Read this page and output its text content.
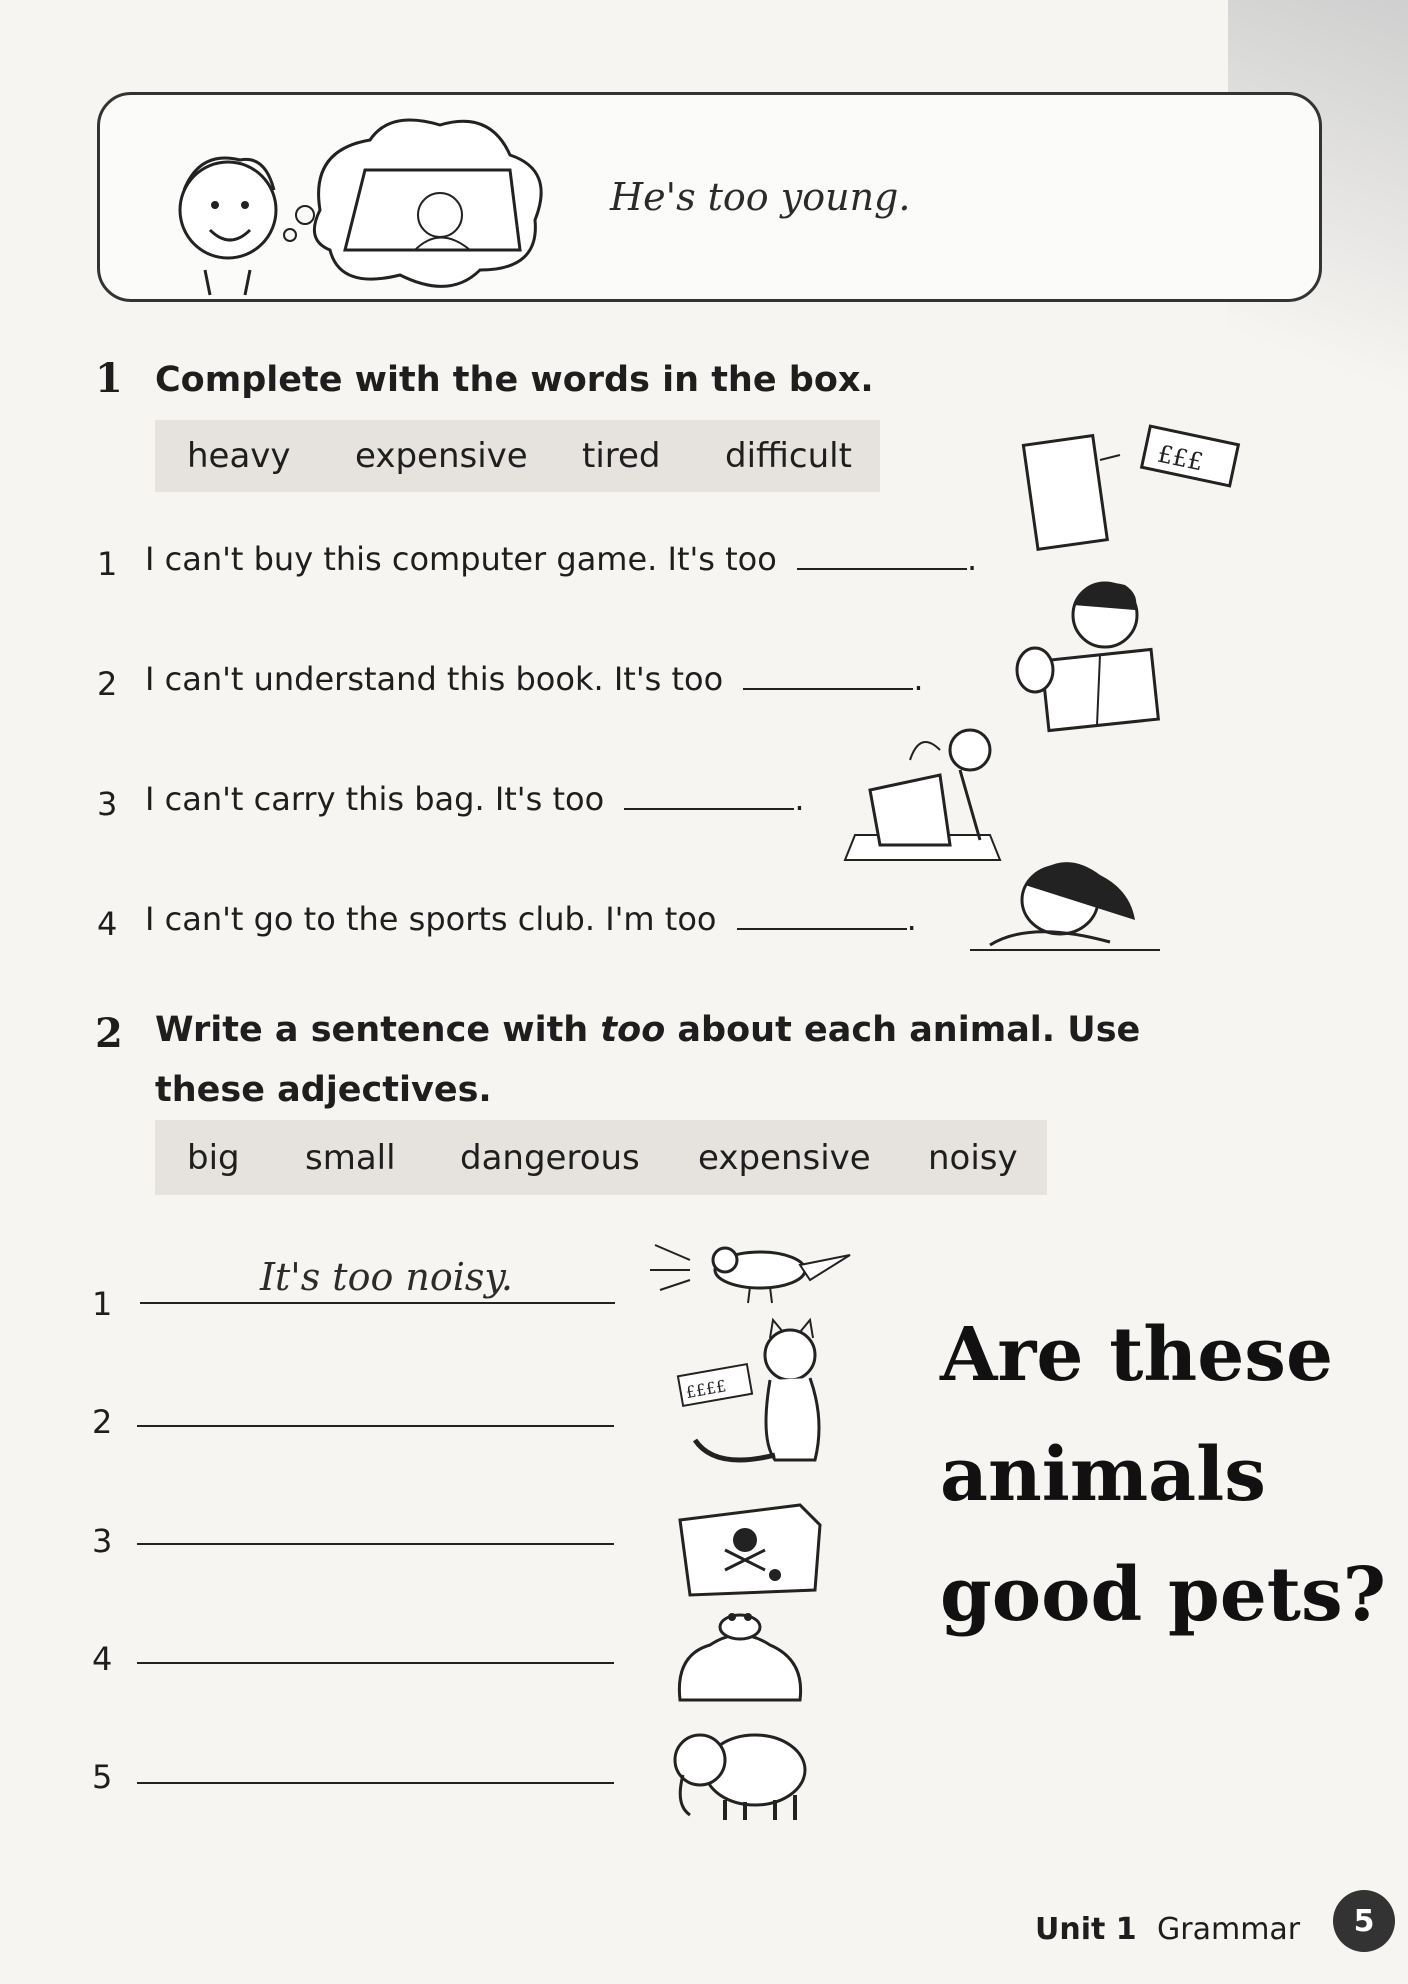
He's too young.
1 Complete with the words in the box.
heavy expensive tired difficult
1 I can't buy this computer game. It's too	.
2 I can't understand this book. It's too	.
3 I can't carry this bag. It's too	.
4 I can't go to the sports club. I'm too	.
£££
2 Write a sentence with too about each animal. Use these adjectives.
big small dangerous expensive noisy
1
It's too noisy.
2
3
4
5
££££	Are these
animals
good pets?
Unit 1 Grammar	5
